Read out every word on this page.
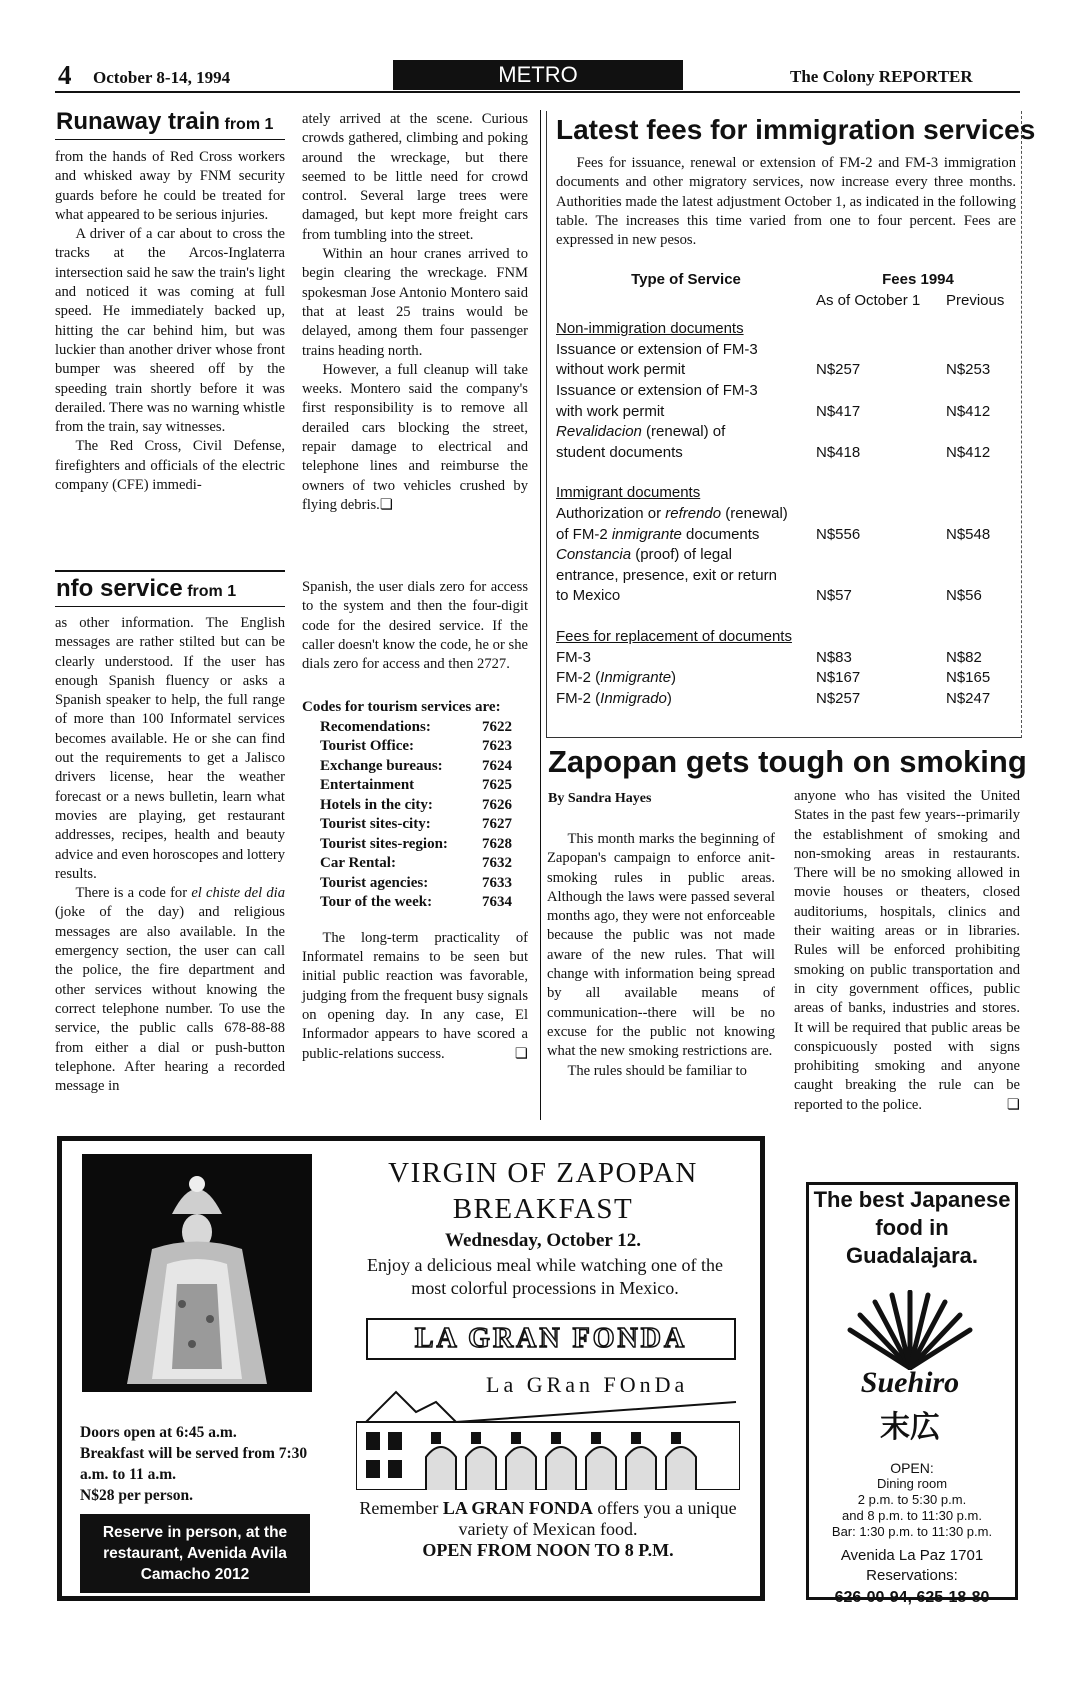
4 October 8-14, 1994	METRO	The Colony REPORTER
Runaway train from 1

from the hands of Red Cross workers and whisked away by FNM security guards before he could be treated for what appeared to be serious injuries.

A driver of a car about to cross the tracks at the Arcos-Inglaterra intersection said he saw the train's light and noticed it was coming at full speed. He immediately backed up, hitting the car behind him, but was luckier than another driver whose front bumper was sheered off by the speeding train shortly before it was derailed. There was no warning whistle from the train, say witnesses.

The Red Cross, Civil Defense, firefighters and officials of the electric company (CFE) immedi-

ately arrived at the scene. Curious crowds gathered, climbing and poking around the wreckage, but there seemed to be little need for crowd control. Several large trees were damaged, but kept more freight cars from tumbling into the street.

Within an hour cranes arrived to begin clearing the wreckage. FNM spokesman Jose Antonio Montero said that at least 25 trains would be delayed, among them four passenger trains heading north.

However, a full cleanup will take weeks. Montero said the company's first responsibility is to remove all derailed cars blocking the street, repair damage to electrical and telephone lines and reimburse the owners of two vehicles crushed by flying debris.❏

nfo service from 1

as other information. The English messages are rather stilted but can be clearly understood. If the user has enough Spanish fluency or asks a Spanish speaker to help, the full range of more than 100 Informatel services becomes available. He or she can find out the requirements to get a Jalisco drivers license, hear the weather forecast or a news bulletin, learn what movies are playing, get restaurant addresses, recipes, health and beauty advice and even horoscopes and lottery results.

There is a code for el chiste del dia (joke of the day) and religious messages are also available. In the emergency section, the user can call the police, the fire department and other services without knowing the correct telephone number. To use the service, the public calls 678-88-88 from either a dial or push-button telephone. After hearing a recorded message in

Spanish, the user dials zero for access to the system and then the four-digit code for the desired service. If the caller doesn't know the code, he or she dials zero for access and then 2727.

Codes for tourism services are:
Recomendations:	7622
Tourist Office:	7623
Exchange bureaus:	7624
Entertainment	7625
Hotels in the city:	7626
Tourist sites-city:	7627
Tourist sites-region:	7628
Car Rental:	7632
Tourist agencies:	7633
Tour of the week:	7634

The long-term practicality of Informatel remains to be seen but initial public reaction was favorable, judging from the frequent busy signals on opening day. In any case, El Informador appears to have scored a public-relations success.	❏

Latest fees for immigration services
Fees for issuance, renewal or extension of FM-2 and FM-3 immigration documents and other migratory services, now increase every three months. Authorities made the latest adjustment October 1, as indicated in the following table. The increases this time varied from one to four percent. Fees are expressed in new pesos.
Type of Service	Fees 1994	
	As of October 1	Previous
Non-immigration documents		
Issuance or extension of FM-3		
without work permit	N$257	N$253
Issuance or extension of FM-3		
with work permit	N$417	N$412
Revalidacion (renewal) of		
student documents	N$418	N$412
Immigrant documents		
Authorization or refrendo (renewal)		
of FM-2 inmigrante documents	N$556	N$548
Constancia (proof) of legal		
entrance, presence, exit or return		
to Mexico	N$57	N$56
Fees for replacement of documents		
FM-3	N$83	N$82
FM-2 (Inmigrante)	N$167	N$165
FM-2 (Inmigrado)	N$257	N$247
Zapopan gets tough on smoking
By Sandra Hayes

This month marks the beginning of Zapopan's campaign to enforce anit-smoking rules in public areas. Although the laws were passed several months ago, they were not enforceable because the public was not made aware of the new rules. That will change with information being spread by all available means of communication--there will be no excuse for the public not knowing what the new smoking restrictions are.

The rules should be familiar to

anyone who has visited the United States in the past few years--primarily the establishment of smoking and non-smoking areas in restaurants. There will be no smoking allowed in movie houses or theaters, closed auditoriums, hospitals, clinics and their waiting areas or in libraries. Rules will be enforced prohibiting smoking on public transportation and in city government offices, public areas of banks, industries and stores. It will be required that public areas be conspicuously posted with signs prohibiting smoking and anyone caught breaking the rule can be reported to the police.	❏

Doors open at 6:45 a.m.
Breakfast will be served from 7:30 a.m. to 11 a.m.
N$28 per person.
Reserve in person, at the restaurant, Avenida Avila Camacho 2012
VIRGIN OF ZAPOPAN
BREAKFAST
Wednesday, October 12.
Enjoy a delicious meal while watching one of the most colorful processions in Mexico.
LA GRAN FONDA
La GRan FOnDa
Remember LA GRAN FONDA offers you a unique variety of Mexican food.
OPEN FROM NOON TO 8 P.M.
The best Japanese food in Guadalajara.
Suehiro
末広
OPEN:
Dining room
2 p.m. to 5:30 p.m.
and 8 p.m. to 11:30 p.m.
Bar: 1:30 p.m. to 11:30 p.m.
Avenida La Paz 1701
Reservations:
626-00-94, 625-18-80
